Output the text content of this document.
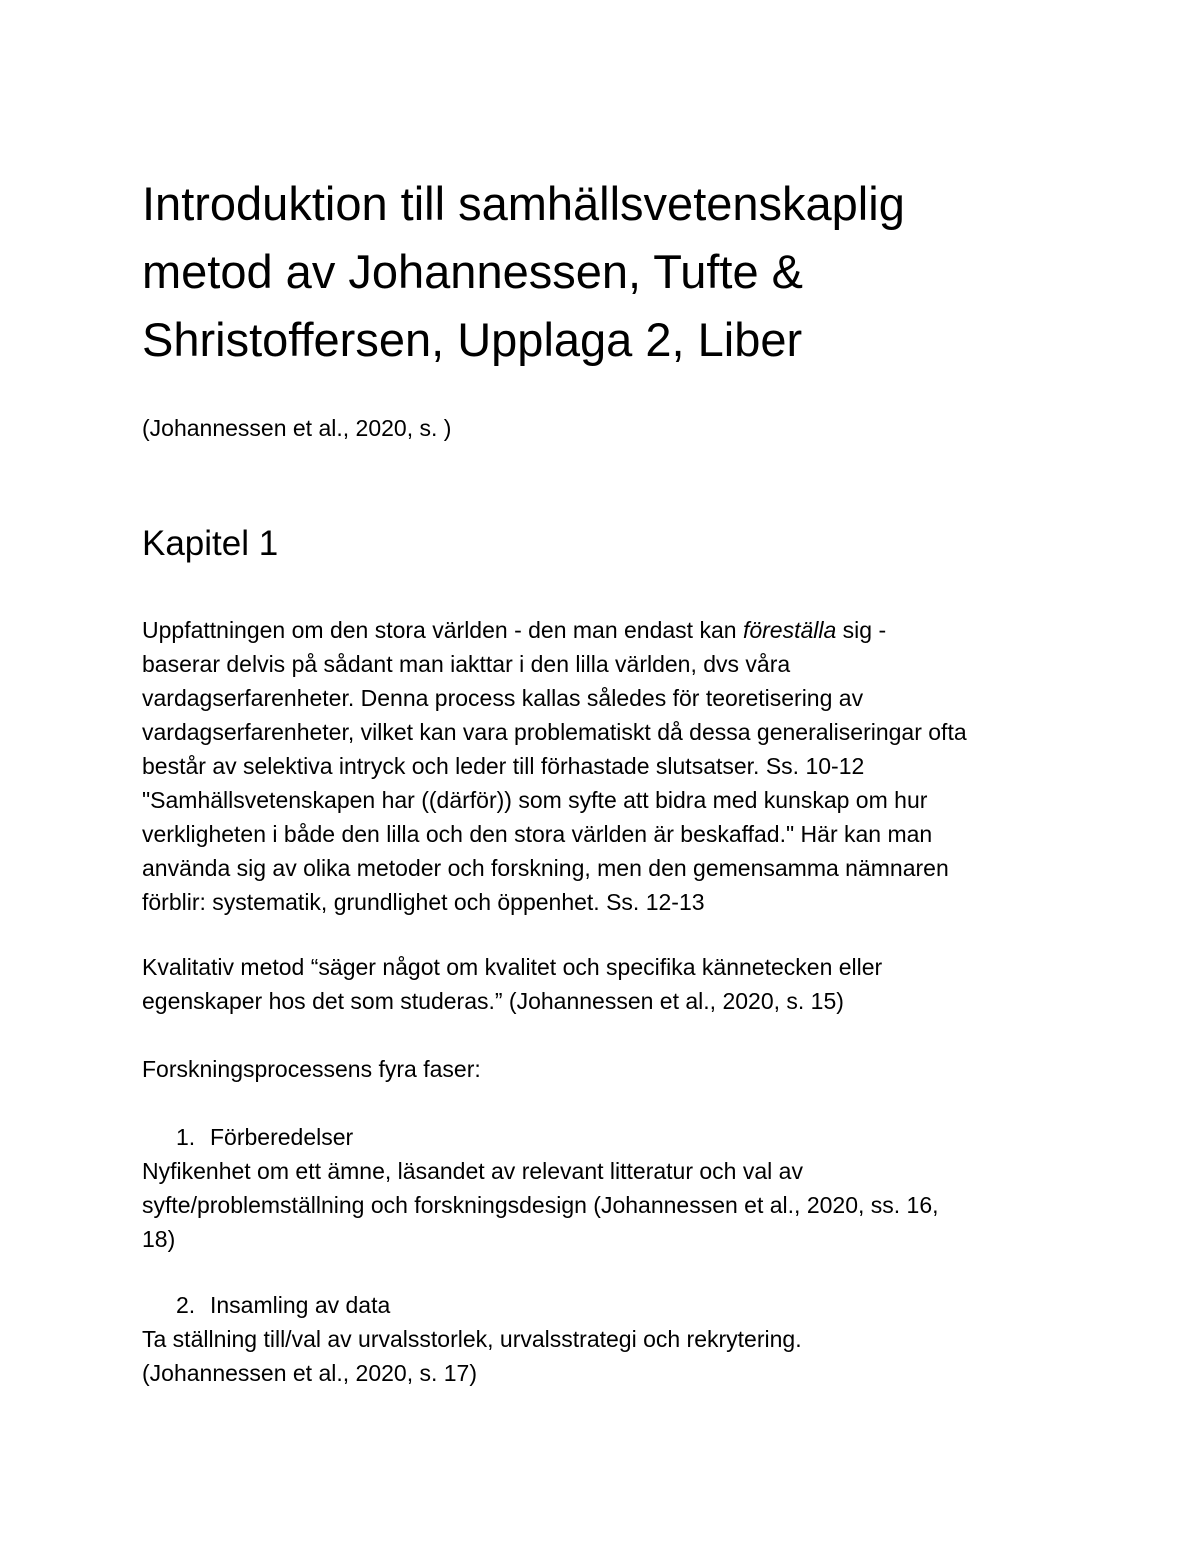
Introduktion till samhällsvetenskaplig
metod av Johannessen, Tufte &
Shristoffersen, Upplaga 2, Liber

(Johannessen et al., 2020, s. )

Kapitel 1

Uppfattningen om den stora världen - den man endast kan föreställa sig -
baserar delvis på sådant man iakttar i den lilla världen, dvs våra
vardagserfarenheter. Denna process kallas således för teoretisering av
vardagserfarenheter, vilket kan vara problematiskt då dessa generaliseringar ofta
består av selektiva intryck och leder till förhastade slutsatser. Ss. 10-12
"Samhällsvetenskapen har ((därför)) som syfte att bidra med kunskap om hur
verkligheten i både den lilla och den stora världen är beskaffad." Här kan man
använda sig av olika metoder och forskning, men den gemensamma nämnaren
förblir: systematik, grundlighet och öppenhet. Ss. 12-13

Kvalitativ metod “säger något om kvalitet och specifika kännetecken eller
egenskaper hos det som studeras.” (Johannessen et al., 2020, s. 15)

Forskningsprocessens fyra faser:

1. Förberedelser

Nyfikenhet om ett ämne, läsandet av relevant litteratur och val av
syfte/problemställning och forskningsdesign (Johannessen et al., 2020, ss. 16,
18)

2. Insamling av data

Ta ställning till/val av urvalsstorlek, urvalsstrategi och rekrytering.
(Johannessen et al., 2020, s. 17)
